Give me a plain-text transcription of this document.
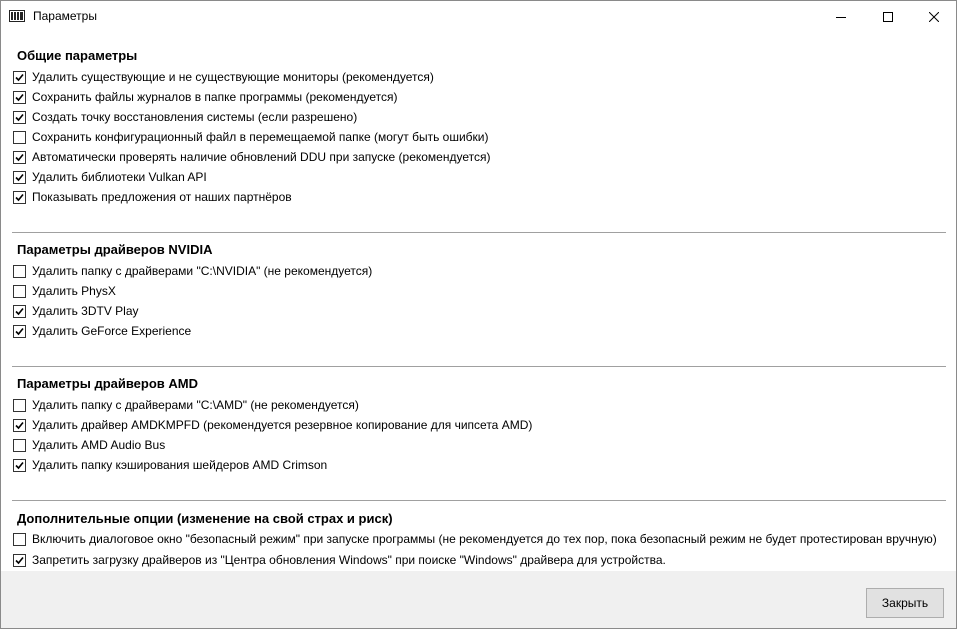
Параметры
Общие параметры
Удалить существующие и не существующие мониторы (рекомендуется)
Сохранить файлы журналов в папке программы (рекомендуется)
Создать точку восстановления системы (если разрешено)
Сохранить конфигурационный файл в перемещаемой папке (могут быть ошибки)
Автоматически проверять наличие обновлений DDU при запуске (рекомендуется)
Удалить библиотеки Vulkan API
Показывать предложения от наших партнёров
Параметры драйверов NVIDIA
Удалить папку с драйверами "C:\NVIDIA" (не рекомендуется)
Удалить PhysX
Удалить 3DTV Play
Удалить GeForce Experience
Параметры драйверов AMD
Удалить папку с драйверами "C:\AMD" (не рекомендуется)
Удалить драйвер AMDKMPFD (рекомендуется резервное копирование для чипсета AMD)
Удалить AMD Audio Bus
Удалить папку кэширования шейдеров AMD Crimson
Дополнительные опции (изменение на свой страх и риск)
Включить диалоговое окно "безопасный режим" при запуске программы (не рекомендуется до тех пор, пока безопасный режим не будет протестирован вручную)
Запретить загрузку драйверов из "Центра обновления Windows" при поиске "Windows" драйвера для устройства.
Закрыть
